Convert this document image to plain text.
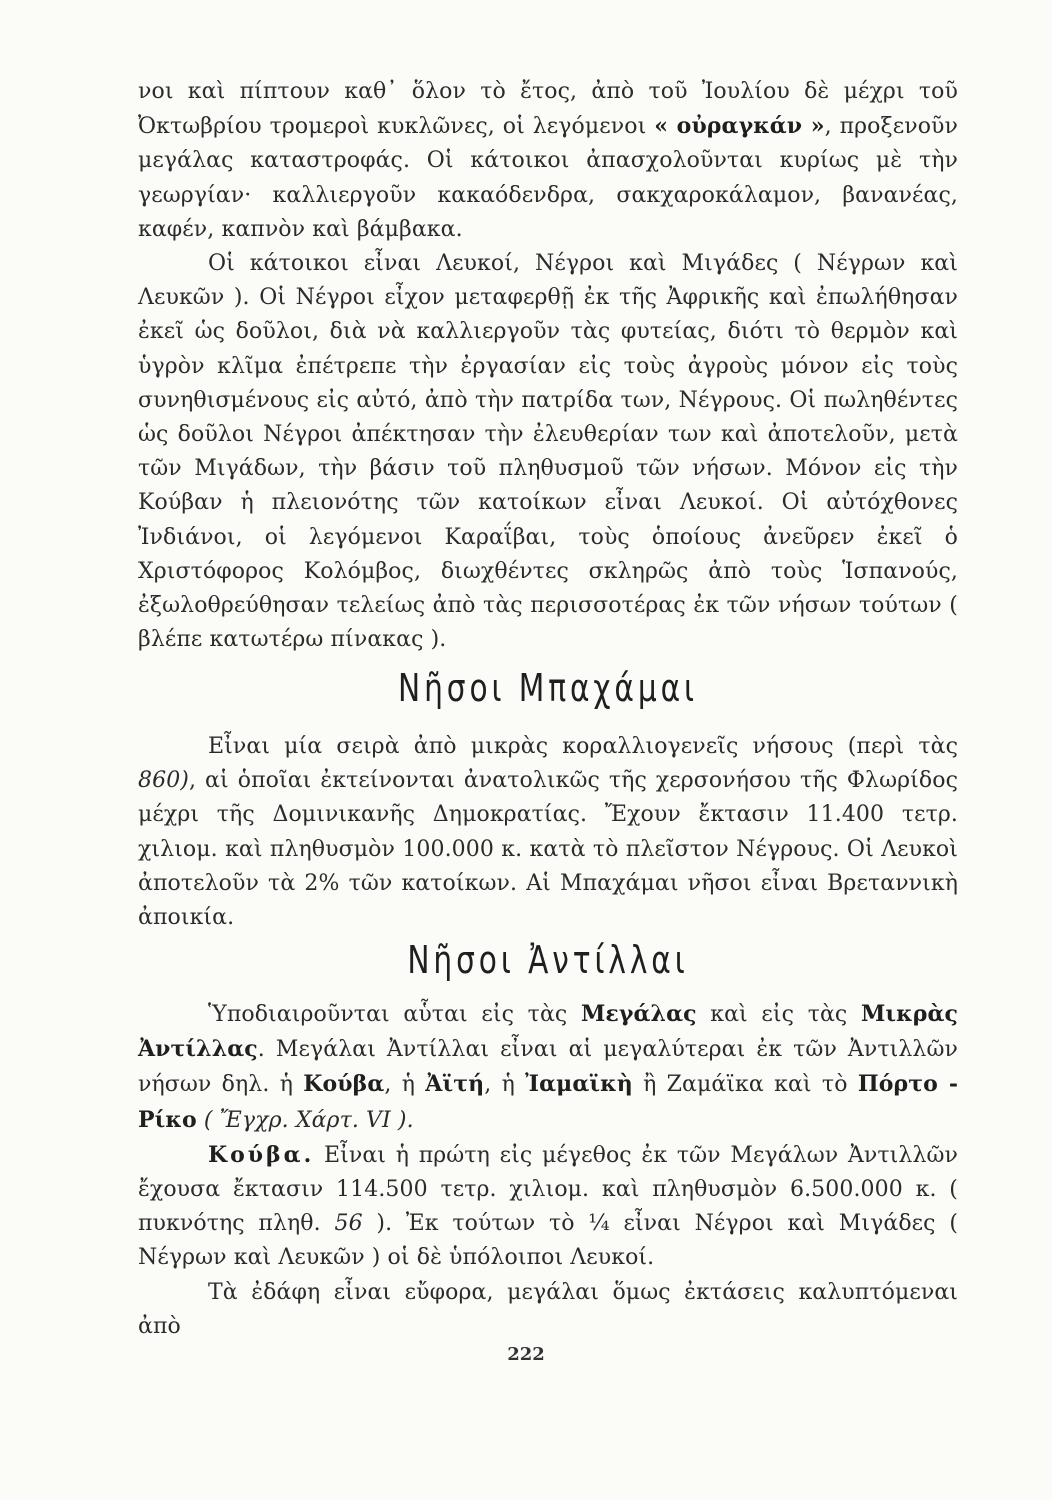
νοι καὶ πίπτουν καθ᾽ ὅλον τὸ ἔτος, ἀπὸ τοῦ Ἰουλίου δὲ μέχρι τοῦ Ὀκτωβρίου τρομεροὶ κυκλῶνες, οἱ λεγόμενοι « οὐραγκάν », προξενοῦν μεγάλας καταστροφάς. Οἱ κάτοικοι ἀπασχολοῦνται κυρίως μὲ τὴν γεωργίαν· καλλιεργοῦν κακαόδενδρα, σακχαροκάλαμον, βανανέας, καφέν, καπνὸν καὶ βάμβακα.

Οἱ κάτοικοι εἶναι Λευκοί, Νέγροι καὶ Μιγάδες ( Νέγρων καὶ Λευκῶν ). Οἱ Νέγροι εἶχον μεταφερθῇ ἐκ τῆς Ἀφρικῆς καὶ ἐπωλήθησαν ἐκεῖ ὡς δοῦλοι, διὰ νὰ καλλιεργοῦν τὰς φυτείας, διότι τὸ θερμὸν καὶ ὑγρὸν κλῖμα ἐπέτρεπε τὴν ἐργασίαν εἰς τοὺς ἀγροὺς μόνον εἰς τοὺς συνηθισμένους εἰς αὐτό, ἀπὸ τὴν πατρίδα των, Νέγρους. Οἱ πωληθέντες ὡς δοῦλοι Νέγροι ἀπέκτησαν τὴν ἐλευθερίαν των καὶ ἀποτελοῦν, μετὰ τῶν Μιγάδων, τὴν βάσιν τοῦ πληθυσμοῦ τῶν νήσων. Μόνον εἰς τὴν Κούβαν ἡ πλειονότης τῶν κατοίκων εἶναι Λευκοί. Οἱ αὐτόχθονες Ἰνδιάνοι, οἱ λεγόμενοι Καραΐβαι, τοὺς ὁποίους ἀνεῦρεν ἐκεῖ ὁ Χριστόφορος Κολόμβος, διωχθέντες σκληρῶς ἀπὸ τοὺς Ἱσπανούς, ἐξωλοθρεύθησαν τελείως ἀπὸ τὰς περισσοτέρας ἐκ τῶν νήσων τούτων ( βλέπε κατωτέρω πίνακας ).

Νῆσοι Μπαχάμαι

Εἶναι μία σειρὰ ἀπὸ μικρὰς κοραλλιογενεῖς νήσους (περὶ τὰς 860), αἱ ὁποῖαι ἐκτείνονται ἀνατολικῶς τῆς χερσονήσου τῆς Φλωρίδος μέχρι τῆς Δομινικανῆς Δημοκρατίας. Ἔχουν ἔκτασιν 11.400 τετρ. χιλιομ. καὶ πληθυσμὸν 100.000 κ. κατὰ τὸ πλεῖστον Νέγρους. Οἱ Λευκοὶ ἀποτελοῦν τὰ 2% τῶν κατοίκων. Αἱ Μπαχάμαι νῆσοι εἶναι Βρεταννικὴ ἀποικία.

Νῆσοι Ἀντίλλαι

Ὑποδιαιροῦνται αὗται εἰς τὰς Μεγάλας καὶ εἰς τὰς Μικρὰς Ἀντίλλας. Μεγάλαι Ἀντίλλαι εἶναι αἱ μεγαλύτεραι ἐκ τῶν Ἀντιλλῶν νήσων δηλ. ἡ Κούβα, ἡ Ἀϊτή, ἡ Ἰαμαϊκὴ ἢ Ζαμάϊκα καὶ τὸ Πόρτο - Ρίκο ( Ἔγχρ. Χάρτ. VI ).

Κούβα. Εἶναι ἡ πρώτη εἰς μέγεθος ἐκ τῶν Μεγάλων Ἀντιλλῶν ἔχουσα ἔκτασιν 114.500 τετρ. χιλιομ. καὶ πληθυσμὸν 6.500.000 κ. ( πυκνότης πληθ. 56 ). Ἐκ τούτων τὸ ¼ εἶναι Νέγροι καὶ Μιγάδες ( Νέγρων καὶ Λευκῶν ) οἱ δὲ ὑπόλοιποι Λευκοί.

Τὰ ἐδάφη εἶναι εὔφορα, μεγάλαι ὅμως ἐκτάσεις καλυπτόμεναι ἀπὸ

222
